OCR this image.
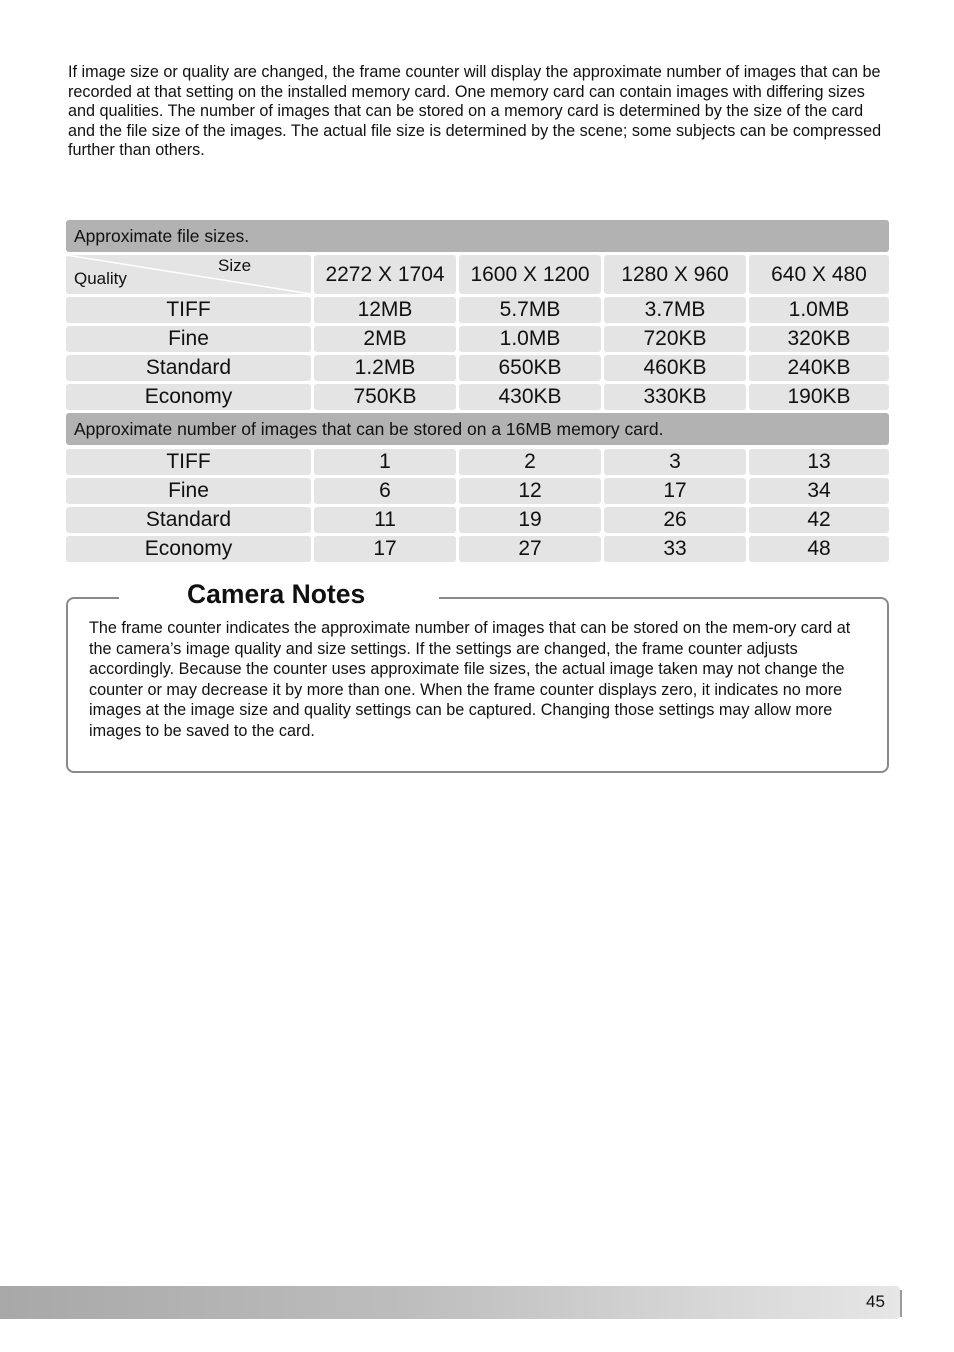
If image size or quality are changed, the frame counter will display the approximate number of images that can be recorded at that setting on the installed memory card. One memory card can contain images with differing sizes and qualities. The number of images that can be stored on a memory card is determined by the size of the card and the file size of the images. The actual file size is determined by the scene; some subjects can be compressed further than others.

Approximate file sizes.
Size
Quality	2272 X 1704	1600 X 1200	1280 X 960	640 X 480
TIFF	12MB	5.7MB	3.7MB	1.0MB
Fine	2MB	1.0MB	720KB	320KB
Standard	1.2MB	650KB	460KB	240KB
Economy	750KB	430KB	330KB	190KB
Approximate number of images that can be stored on a 16MB memory card.
TIFF	1	2	3	13
Fine	6	12	17	34
Standard	11	19	26	42
Economy	17	27	33	48
Camera Notes

The frame counter indicates the approximate number of images that can be stored on the mem-ory card at the camera’s image quality and size settings. If the settings are changed, the frame counter adjusts accordingly. Because the counter uses approximate file sizes, the actual image taken may not change the counter or may decrease it by more than one. When the frame counter displays zero, it indicates no more images at the image size and quality settings can be captured. Changing those settings may allow more images to be saved to the card.

45
